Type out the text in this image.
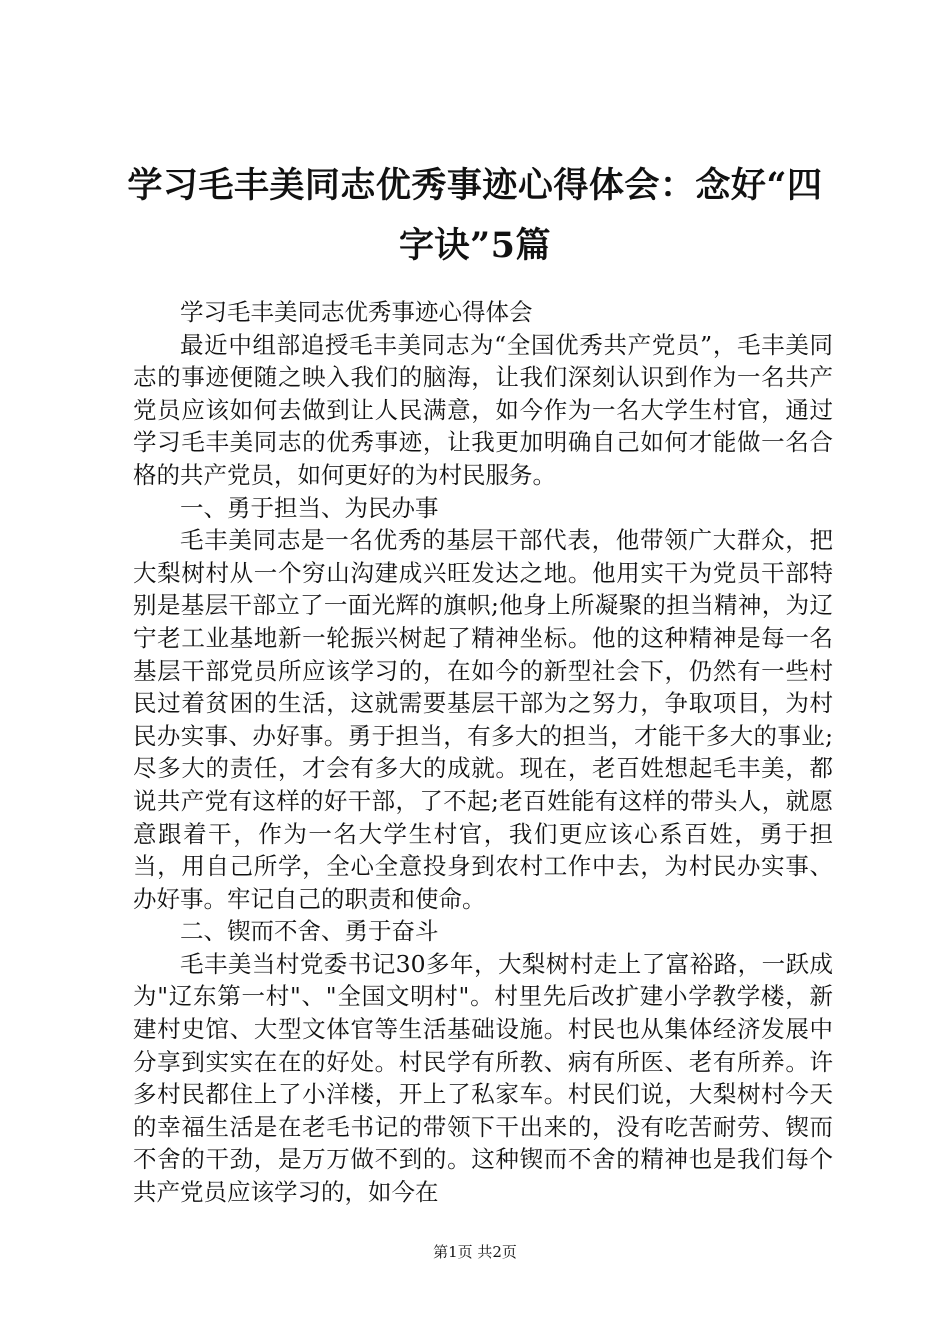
学习毛丰美同志优秀事迹心得体会：念好“四字诀”5篇

学习毛丰美同志优秀事迹心得体会

最近中组部追授毛丰美同志为“全国优秀共产党员”，毛丰美同志的事迹便随之映入我们的脑海，让我们深刻认识到作为一名共产党员应该如何去做到让人民满意，如今作为一名大学生村官，通过学习毛丰美同志的优秀事迹，让我更加明确自己如何才能做一名合格的共产党员，如何更好的为村民服务。

一、勇于担当、为民办事

毛丰美同志是一名优秀的基层干部代表，他带领广大群众，把大梨树村从一个穷山沟建成兴旺发达之地。他用实干为党员干部特别是基层干部立了一面光辉的旗帜;他身上所凝聚的担当精神，为辽宁老工业基地新一轮振兴树起了精神坐标。他的这种精神是每一名基层干部党员所应该学习的，在如今的新型社会下，仍然有一些村民过着贫困的生活，这就需要基层干部为之努力，争取项目，为村民办实事、办好事。勇于担当，有多大的担当，才能干多大的事业;尽多大的责任，才会有多大的成就。现在，老百姓想起毛丰美，都说共产党有这样的好干部，了不起;老百姓能有这样的带头人，就愿意跟着干，作为一名大学生村官，我们更应该心系百姓，勇于担当，用自己所学，全心全意投身到农村工作中去，为村民办实事、办好事。牢记自己的职责和使命。

二、锲而不舍、勇于奋斗

毛丰美当村党委书记30多年，大梨树村走上了富裕路，一跃成为"辽东第一村"、"全国文明村"。村里先后改扩建小学教学楼，新建村史馆、大型文体官等生活基础设施。村民也从集体经济发展中分享到实实在在的好处。村民学有所教、病有所医、老有所养。许多村民都住上了小洋楼，开上了私家车。村民们说，大梨树村今天的幸福生活是在老毛书记的带领下干出来的，没有吃苦耐劳、锲而不舍的干劲，是万万做不到的。这种锲而不舍的精神也是我们每个共产党员应该学习的，如今在

第1页 共2页
